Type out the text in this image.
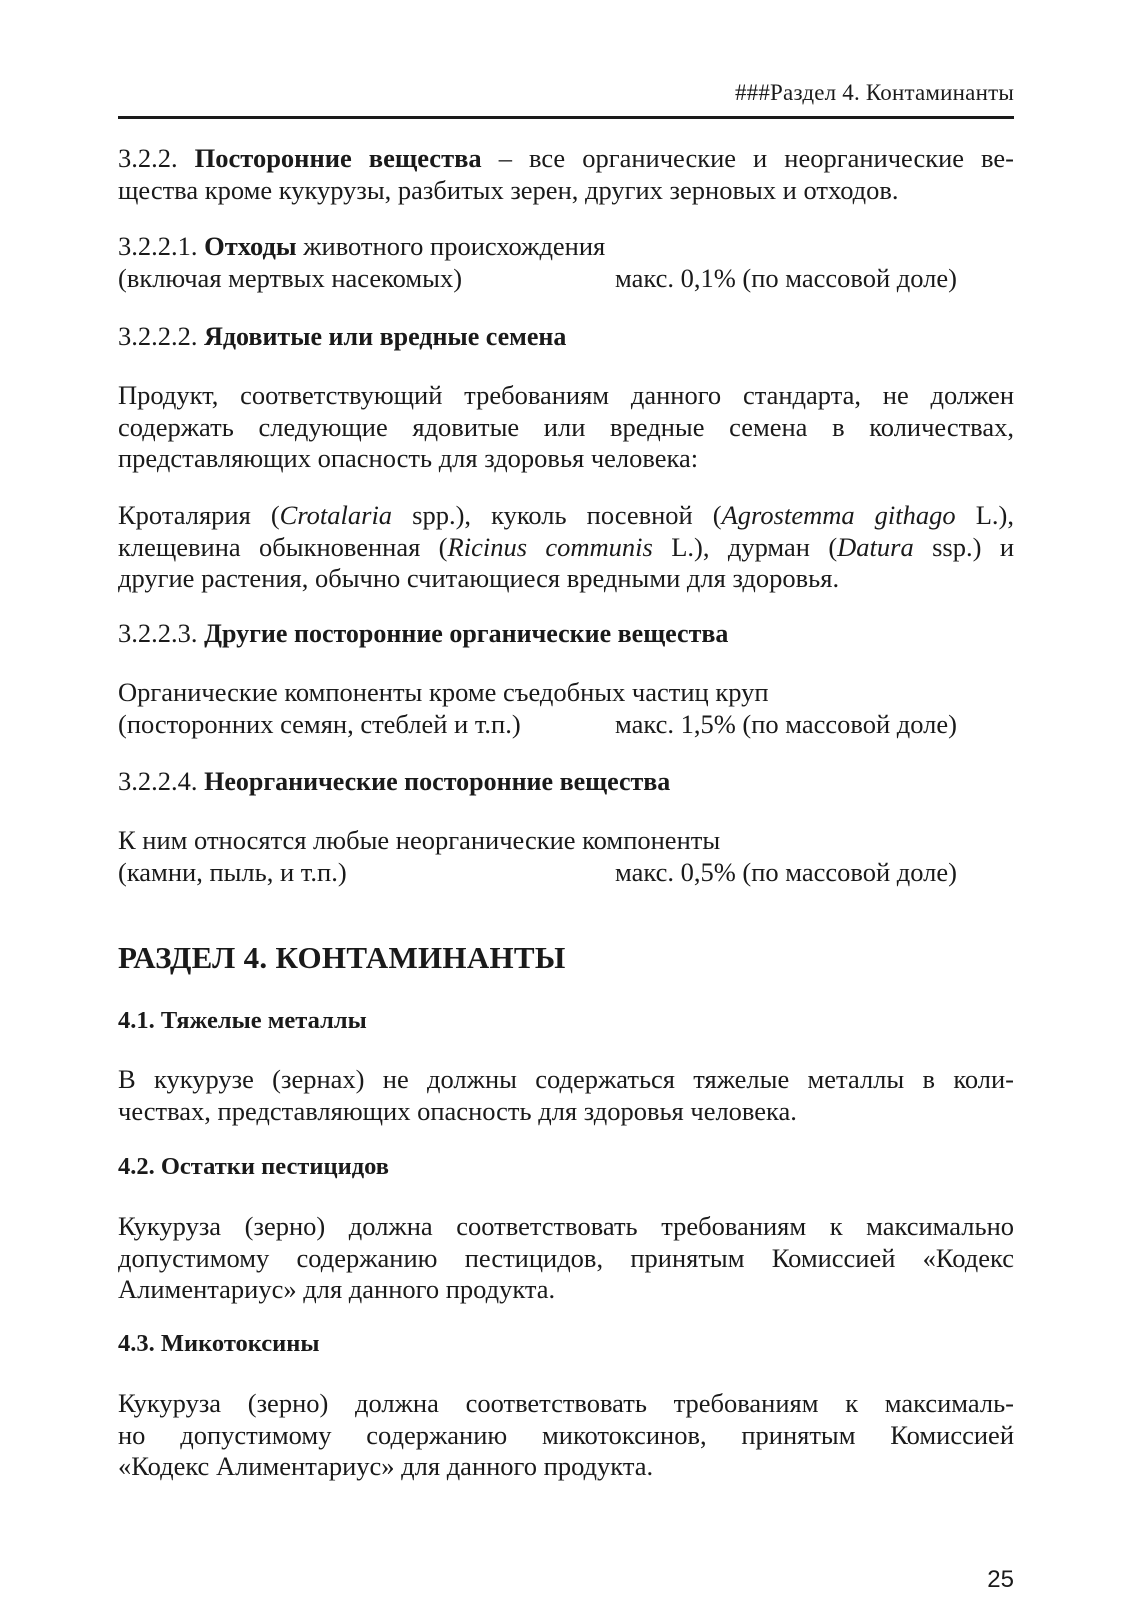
###Раздел 4. Контаминанты
3.2.2. Посторонние вещества – все органические и неорганические ве-
щества кроме кукурузы, разбитых зерен, других зерновых и отходов.
3.2.2.1. Отходы животного происхождения
(включая мертвых насекомых)	макс. 0,1% (по массовой доле)
3.2.2.2. Ядовитые или вредные семена
Продукт, соответствующий требованиям данного стандарта, не должен
содержать следующие ядовитые или вредные семена в количествах,
представляющих опасность для здоровья человека:
Кроталярия (Crotalaria spp.), куколь посевной (Agrostemma githago L.),
клещевина обыкновенная (Ricinus communis L.), дурман (Datura ssp.) и
другие растения, обычно считающиеся вредными для здоровья.
3.2.2.3. Другие посторонние органические вещества
Органические компоненты кроме съедобных частиц круп
(посторонних семян, стеблей и т.п.)	макс. 1,5% (по массовой доле)
3.2.2.4. Неорганические посторонние вещества
К ним относятся любые неорганические компоненты
(камни, пыль, и т.п.)	макс. 0,5% (по массовой доле)
РАЗДЕЛ 4. КОНТАМИНАНТЫ
4.1. Тяжелые металлы
В кукурузе (зернах) не должны содержаться тяжелые металлы в коли-
чествах, представляющих опасность для здоровья человека.
4.2. Остатки пестицидов
Кукуруза (зерно) должна соответствовать требованиям к максимально
допустимому содержанию пестицидов, принятым Комиссией «Кодекс
Алиментариус» для данного продукта.
4.3. Микотоксины
Кукуруза (зерно) должна соответствовать требованиям к максималь-
но допустимому содержанию микотоксинов, принятым Комиссией
«Кодекс Алиментариус» для данного продукта.
25
